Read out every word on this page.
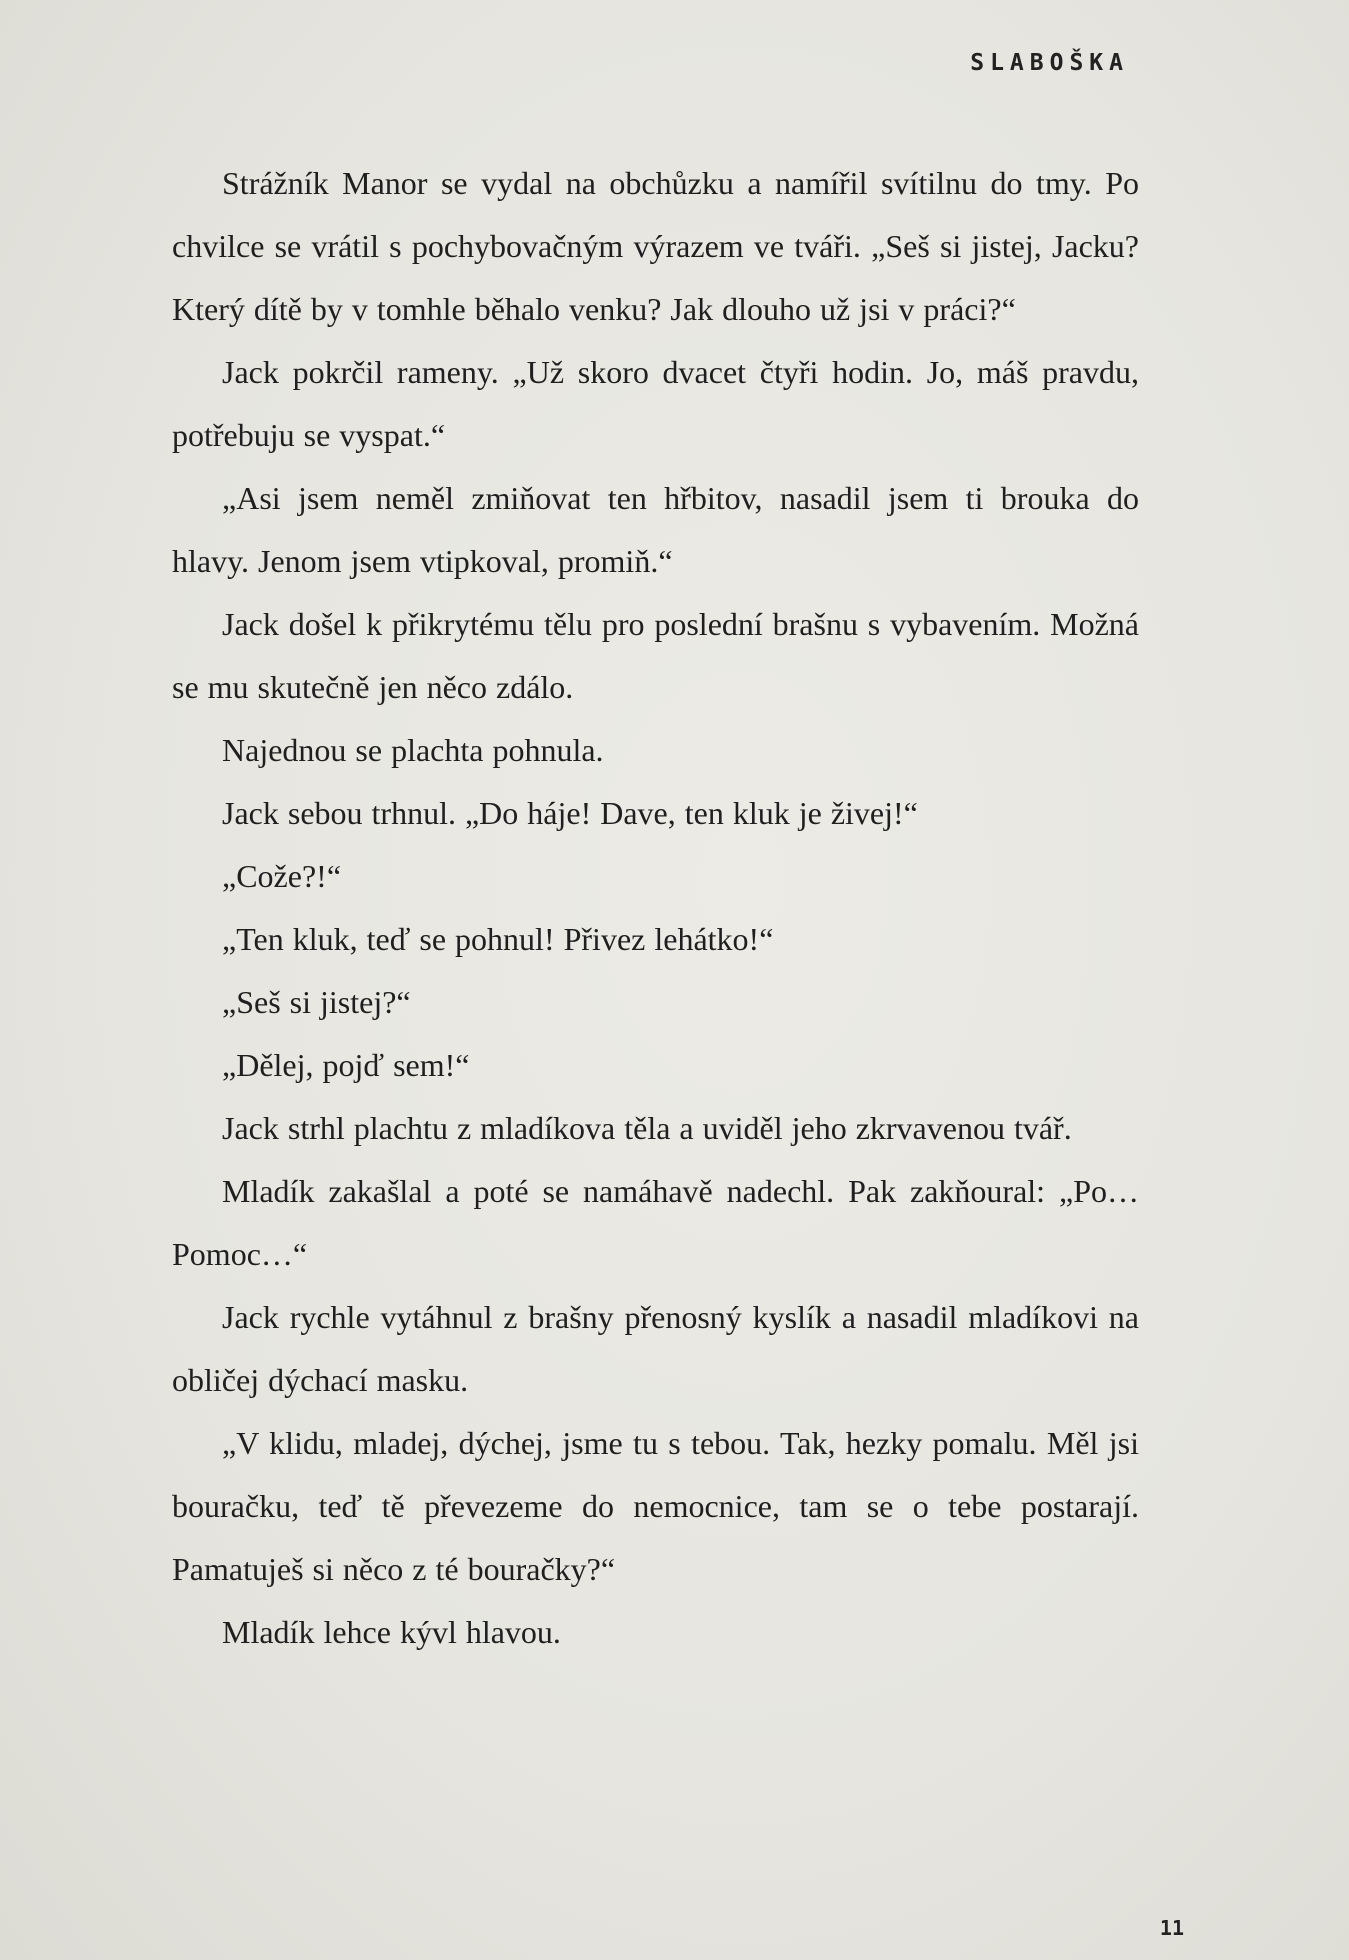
SLABOŠKA

Strážník Manor se vydal na obchůzku a namířil svítilnu do tmy. Po chvilce se vrátil s pochybovačným výrazem ve tváři. „Seš si jistej, Jacku? Který dítě by v tomhle běhalo venku? Jak dlouho už jsi v práci?“

Jack pokrčil rameny. „Už skoro dvacet čtyři hodin. Jo, máš pravdu, potřebuju se vyspat.“

„Asi jsem neměl zmiňovat ten hřbitov, nasadil jsem ti brouka do hlavy. Jenom jsem vtipkoval, promiň.“

Jack došel k přikrytému tělu pro poslední brašnu s vybavením. Možná se mu skutečně jen něco zdálo.

Najednou se plachta pohnula.

Jack sebou trhnul. „Do háje! Dave, ten kluk je živej!“

„Cože?!“

„Ten kluk, teď se pohnul! Přivez lehátko!“

„Seš si jistej?“

„Dělej, pojď sem!“

Jack strhl plachtu z mladíkova těla a uviděl jeho zkrvavenou tvář.

Mladík zakašlal a poté se namáhavě nadechl. Pak zakňoural: „Po… Pomoc…“

Jack rychle vytáhnul z brašny přenosný kyslík a nasadil mladíkovi na obličej dýchací masku.

„V klidu, mladej, dýchej, jsme tu s tebou. Tak, hezky pomalu. Měl jsi bouračku, teď tě převezeme do nemocnice, tam se o tebe postarají. Pamatuješ si něco z té bouračky?“

Mladík lehce kývl hlavou.

11
